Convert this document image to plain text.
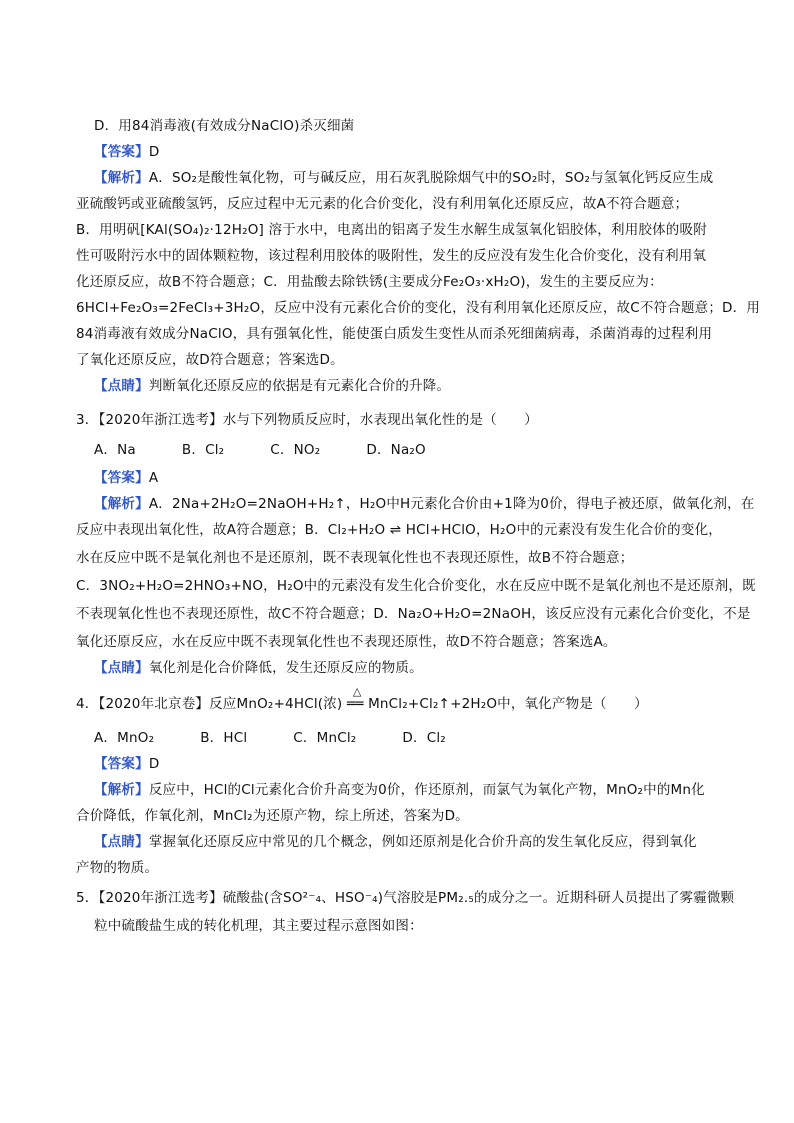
D．用84消毒液(有效成分NaClO)杀灭细菌
【答案】D
【解析】A．SO₂是酸性氧化物，可与碱反应，用石灰乳脱除烟气中的SO₂时，SO₂与氢氧化钙反应生成
亚硫酸钙或亚硫酸氢钙，反应过程中无元素的化合价变化，没有利用氧化还原反应，故A不符合题意；
B．用明矾[KAl(SO₄)₂·12H₂O] 溶于水中，电离出的铝离子发生水解生成氢氧化铝胶体，利用胶体的吸附
性可吸附污水中的固体颗粒物，该过程利用胶体的吸附性，发生的反应没有发生化合价变化，没有利用氧
化还原反应，故B不符合题意；C．用盐酸去除铁锈(主要成分Fe₂O₃·xH₂O)，发生的主要反应为：
6HCl+Fe₂O₃=2FeCl₃+3H₂O，反应中没有元素化合价的变化，没有利用氧化还原反应，故C不符合题意；D．用
84消毒液有效成分NaClO，具有强氧化性，能使蛋白质发生变性从而杀死细菌病毒，杀菌消毒的过程利用
了氧化还原反应，故D符合题意；答案选D。
【点睛】判断氧化还原反应的依据是有元素化合价的升降。
3．【2020年浙江选考】水与下列物质反应时，水表现出氧化性的是（　　）
A．Na	B．Cl₂	C．NO₂	D．Na₂O
【答案】A
【解析】A．2Na+2H₂O=2NaOH+H₂↑，H₂O中H元素化合价由+1降为0价，得电子被还原，做氧化剂，在
反应中表现出氧化性，故A符合题意；B．Cl₂+H₂O ⇌ HCl+HClO，H₂O中的元素没有发生化合价的变化，
水在反应中既不是氧化剂也不是还原剂，既不表现氧化性也不表现还原性，故B不符合题意；
C．3NO₂+H₂O=2HNO₃+NO，H₂O中的元素没有发生化合价变化，水在反应中既不是氧化剂也不是还原剂，既
不表现氧化性也不表现还原性，故C不符合题意；D．Na₂O+H₂O=2NaOH，该反应没有元素化合价变化，不是
氧化还原反应，水在反应中既不表现氧化性也不表现还原性，故D不符合题意；答案选A。
【点睛】氧化剂是化合价降低，发生还原反应的物质。
4．【2020年北京卷】反应MnO₂+4HCl(浓)
△
══ MnCl₂+Cl₂↑+2H₂O中，氧化产物是（　　）
A．MnO₂	B．HCl	C．MnCl₂	D．Cl₂
【答案】D
【解析】反应中，HCl的Cl元素化合价升高变为0价，作还原剂，而氯气为氧化产物，MnO₂中的Mn化
合价降低，作氧化剂，MnCl₂为还原产物，综上所述，答案为D。
【点睛】掌握氧化还原反应中常见的几个概念，例如还原剂是化合价升高的发生氧化反应，得到氧化
产物的物质。
5．【2020年浙江选考】硫酸盐(含SO²⁻₄、HSO⁻₄)气溶胶是PM₂.₅的成分之一。近期科研人员提出了雾霾微颗
粒中硫酸盐生成的转化机理，其主要过程示意图如图：
